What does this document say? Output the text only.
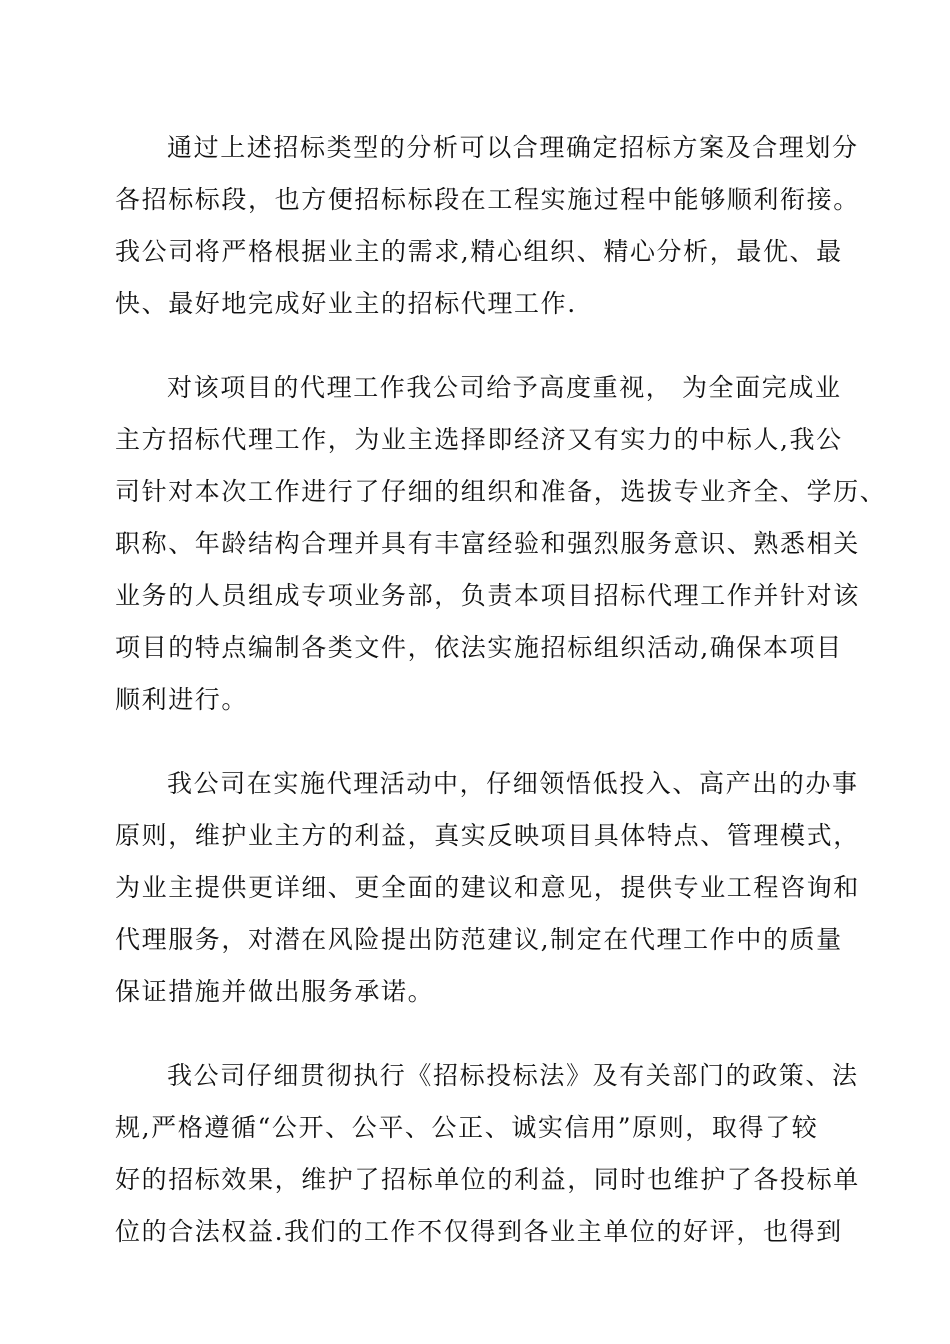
通过上述招标类型的分析可以合理确定招标方案及合理划分
各招标标段，也方便招标标段在工程实施过程中能够顺利衔接。
我公司将严格根据业主的需求,精心组织、精心分析，最优、最
快、最好地完成好业主的招标代理工作.

对该项目的代理工作我公司给予高度重视， 为全面完成业
主方招标代理工作，为业主选择即经济又有实力的中标人,我公
司针对本次工作进行了仔细的组织和准备，选拔专业齐全、学历、
职称、年龄结构合理并具有丰富经验和强烈服务意识、熟悉相关
业务的人员组成专项业务部，负责本项目招标代理工作并针对该
项目的特点编制各类文件，依法实施招标组织活动,确保本项目
顺利进行。

我公司在实施代理活动中，仔细领悟低投入、高产出的办事
原则，维护业主方的利益，真实反映项目具体特点、管理模式，
为业主提供更详细、更全面的建议和意见，提供专业工程咨询和
代理服务，对潜在风险提出防范建议,制定在代理工作中的质量
保证措施并做出服务承诺。

我公司仔细贯彻执行《招标投标法》及有关部门的政策、法
规,严格遵循“公开、公平、公正、诚实信用”原则，取得了较
好的招标效果，维护了招标单位的利益，同时也维护了各投标单
位的合法权益.我们的工作不仅得到各业主单位的好评，也得到
